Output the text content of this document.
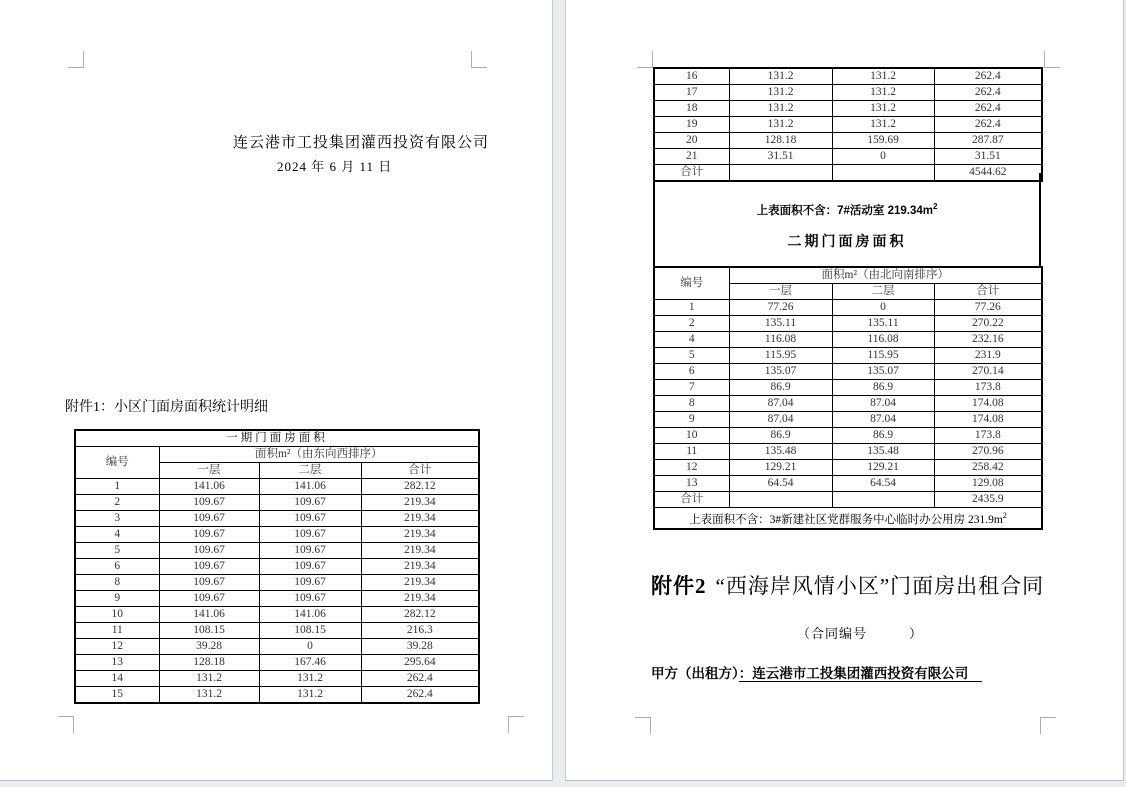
连云港市工投集团灌西投资有限公司
2024 年 6 月 11 日
附件1：小区门面房面积统计明细
一期门面房面积			
编号	面积m²（由东向西排序）		
	一层	二层	合计
1	141.06	141.06	282.12
2	109.67	109.67	219.34
3	109.67	109.67	219.34
4	109.67	109.67	219.34
5	109.67	109.67	219.34
6	109.67	109.67	219.34
8	109.67	109.67	219.34
9	109.67	109.67	219.34
10	141.06	141.06	282.12
11	108.15	108.15	216.3
12	39.28	0	39.28
13	128.18	167.46	295.64
14	131.2	131.2	262.4
15	131.2	131.2	262.4
16	131.2	131.2	262.4
17	131.2	131.2	262.4
18	131.2	131.2	262.4
19	131.2	131.2	262.4
20	128.18	159.69	287.87
21	31.51	0	31.51
合计			4544.62
上表面积不含：7#活动室 $219.34m^2$
二期门面房面积
编号	面积m²（由北向南排序）		
	一层	二层	合计
1	77.26	0	77.26
2	135.11	135.11	270.22
4	116.08	116.08	232.16
5	115.95	115.95	231.9
6	135.07	135.07	270.14
7	86.9	86.9	173.8
8	87.04	87.04	174.08
9	87.04	87.04	174.08
10	86.9	86.9	173.8
11	135.48	135.48	270.96
12	129.21	129.21	258.42
13	64.54	64.54	129.08
合计			2435.9
上表面积不含：3#新建社区党群服务中心临时办公用房 $231.9m^2$
附件2 “西海岸风情小区”门面房出租合同
（合同编号　　　）
甲方（出租方）：连云港市工投集团灌西投资有限公司
